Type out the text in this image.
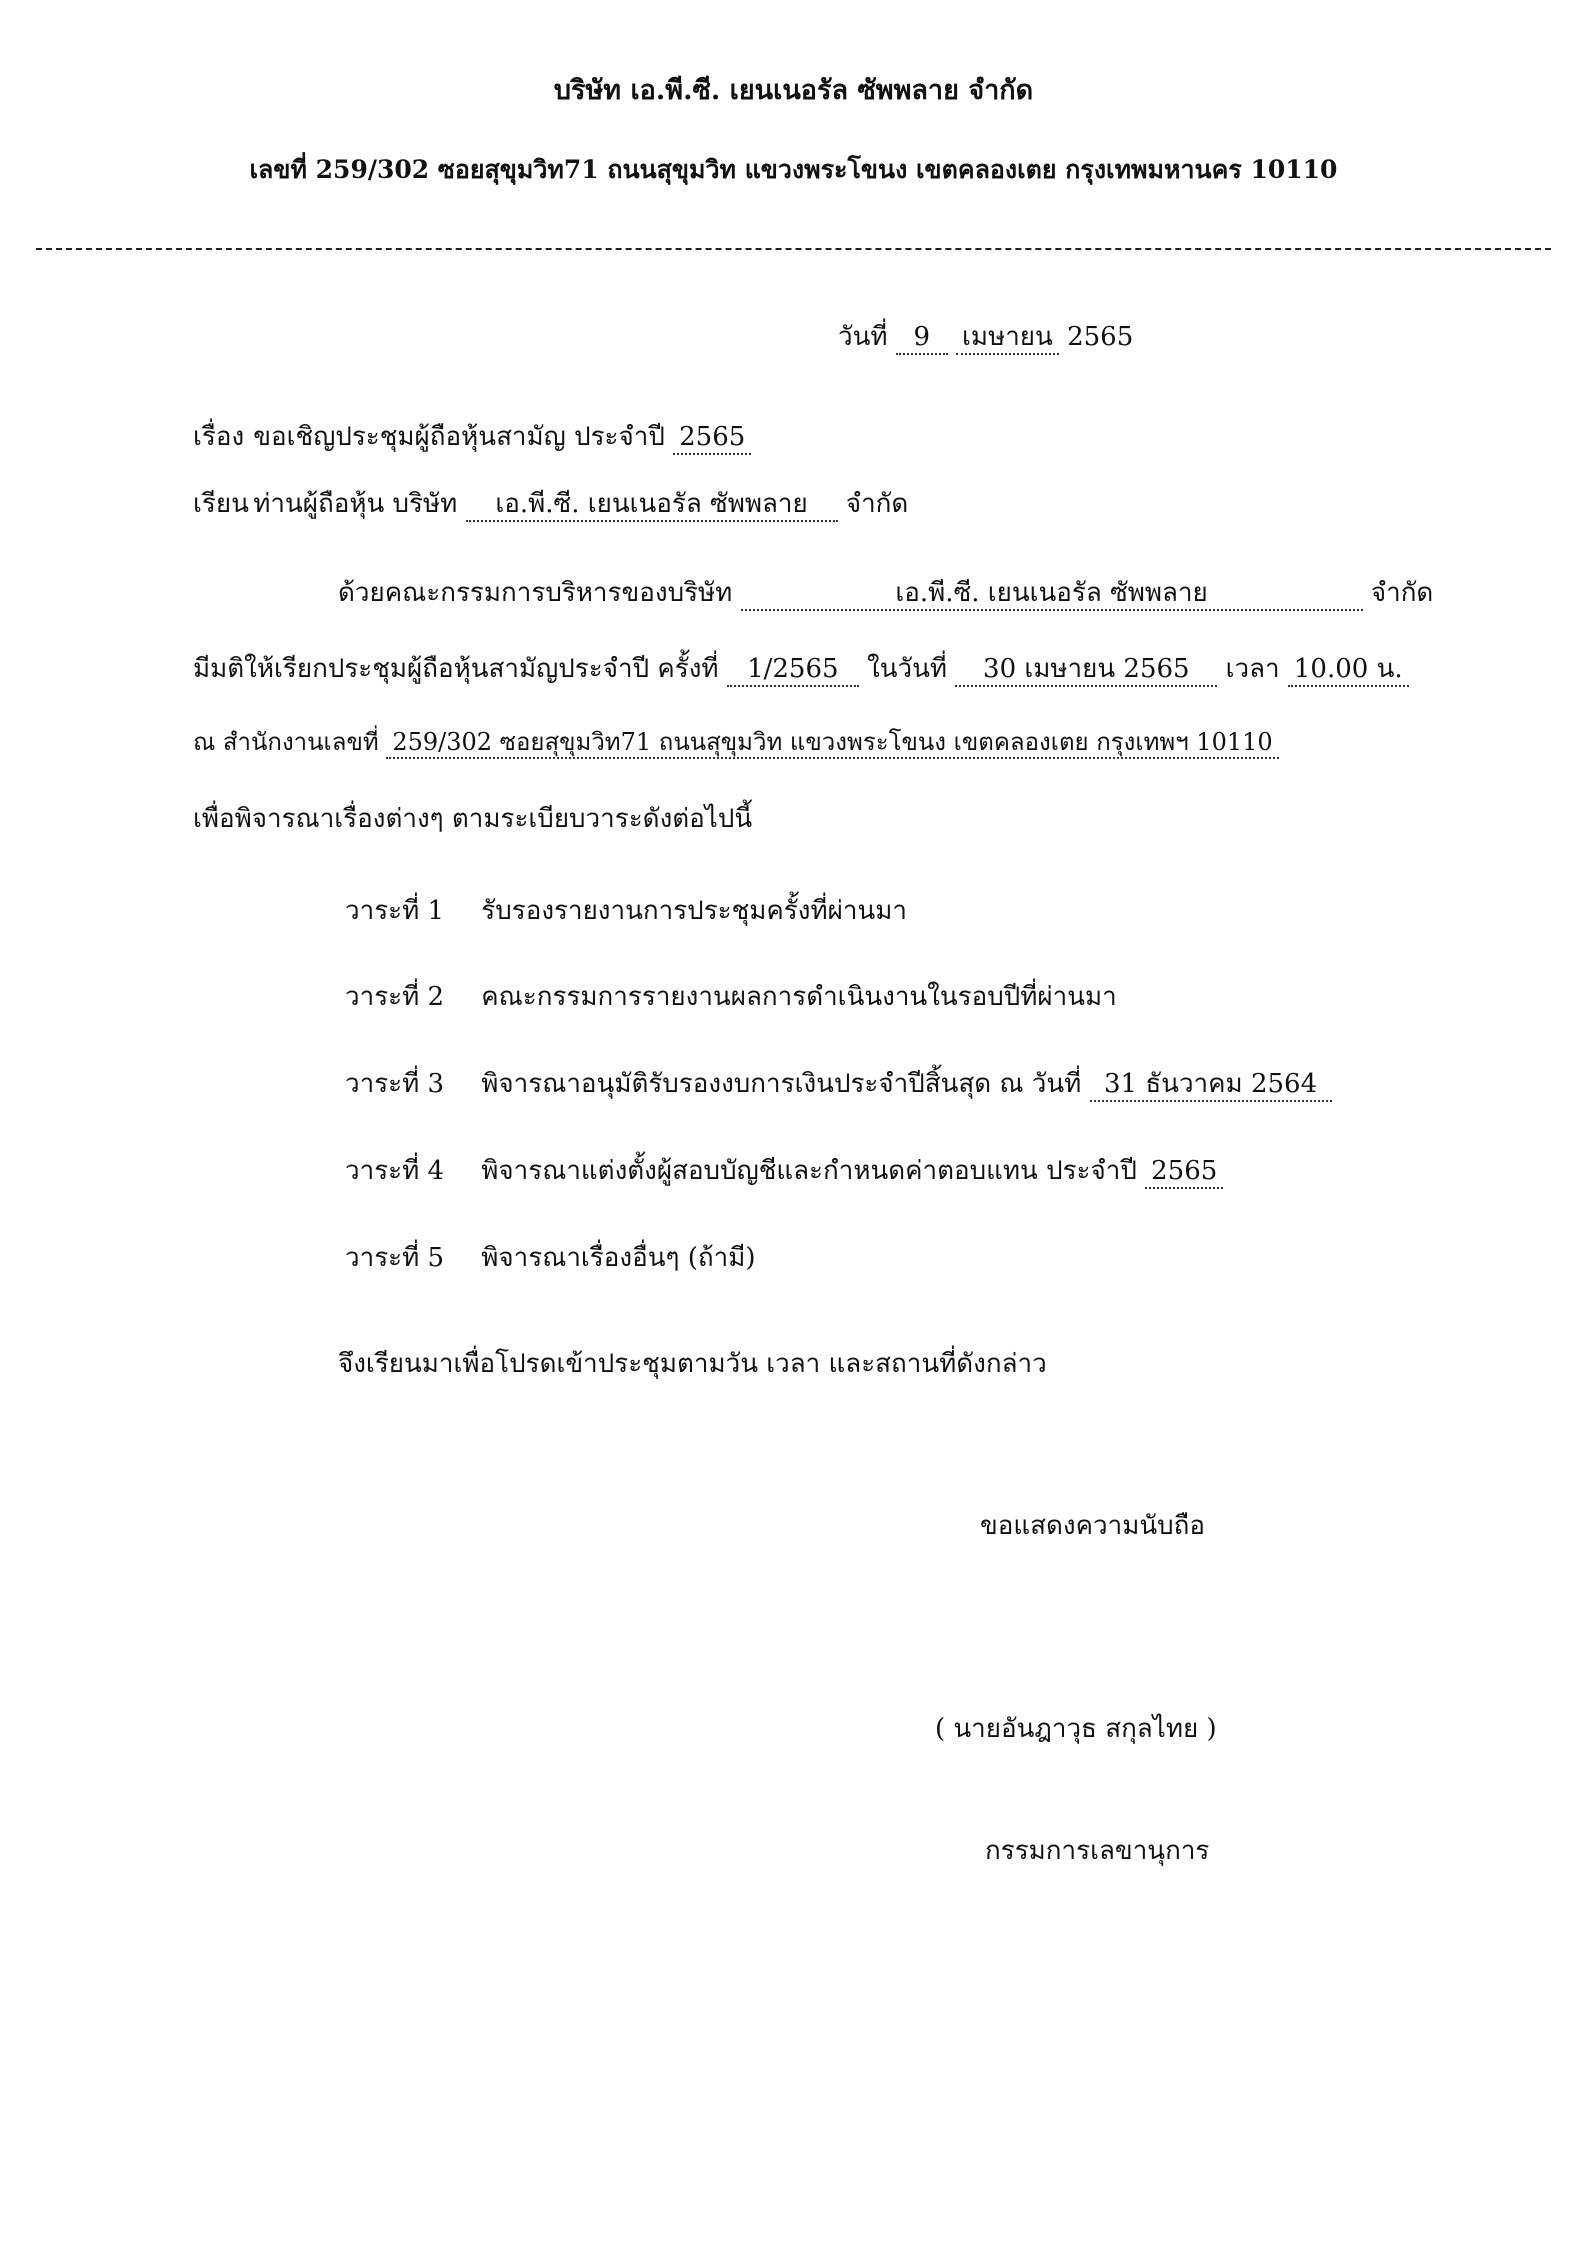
บริษัท เอ.พี.ซี. เยนเนอรัล ซัพพลาย จำกัด
เลขที่ 259/302 ซอยสุขุมวิท71 ถนนสุขุมวิท แขวงพระโขนง เขตคลองเตย กรุงเทพมหานคร 10110
วันที่ 9 เมษายน 2565
เรื่อง ขอเชิญประชุมผู้ถือหุ้นสามัญ ประจำปี 2565
เรียน ท่านผู้ถือหุ้น บริษัท เอ.พี.ซี. เยนเนอรัล ซัพพลาย จำกัด
ด้วยคณะกรรมการบริหารของบริษัท	เอ.พี.ซี. เยนเนอรัล ซัพพลาย	จำกัด
มีมติให้เรียกประชุมผู้ถือหุ้นสามัญประจำปี ครั้งที่ 1/2565 ในวันที่ 30 เมษายน 2565 เวลา 10.00 น.
ณ สำนักงานเลขที่ 259/302 ซอยสุขุมวิท71 ถนนสุขุมวิท แขวงพระโขนง เขตคลองเตย กรุงเทพฯ 10110
เพื่อพิจารณาเรื่องต่างๆ ตามระเบียบวาระดังต่อไปนี้
วาระที่ 1 รับรองรายงานการประชุมครั้งที่ผ่านมา
วาระที่ 2 คณะกรรมการรายงานผลการดำเนินงานในรอบปีที่ผ่านมา
วาระที่ 3 พิจารณาอนุมัติรับรองงบการเงินประจำปีสิ้นสุด ณ วันที่ 31 ธันวาคม 2564
วาระที่ 4 พิจารณาแต่งตั้งผู้สอบบัญชีและกำหนดค่าตอบแทน ประจำปี 2565
วาระที่ 5 พิจารณาเรื่องอื่นๆ (ถ้ามี)
จึงเรียนมาเพื่อโปรดเข้าประชุมตามวัน เวลา และสถานที่ดังกล่าว
ขอแสดงความนับถือ
( นายอันฎาวุธ สกุลไทย )
กรรมการเลขานุการ
